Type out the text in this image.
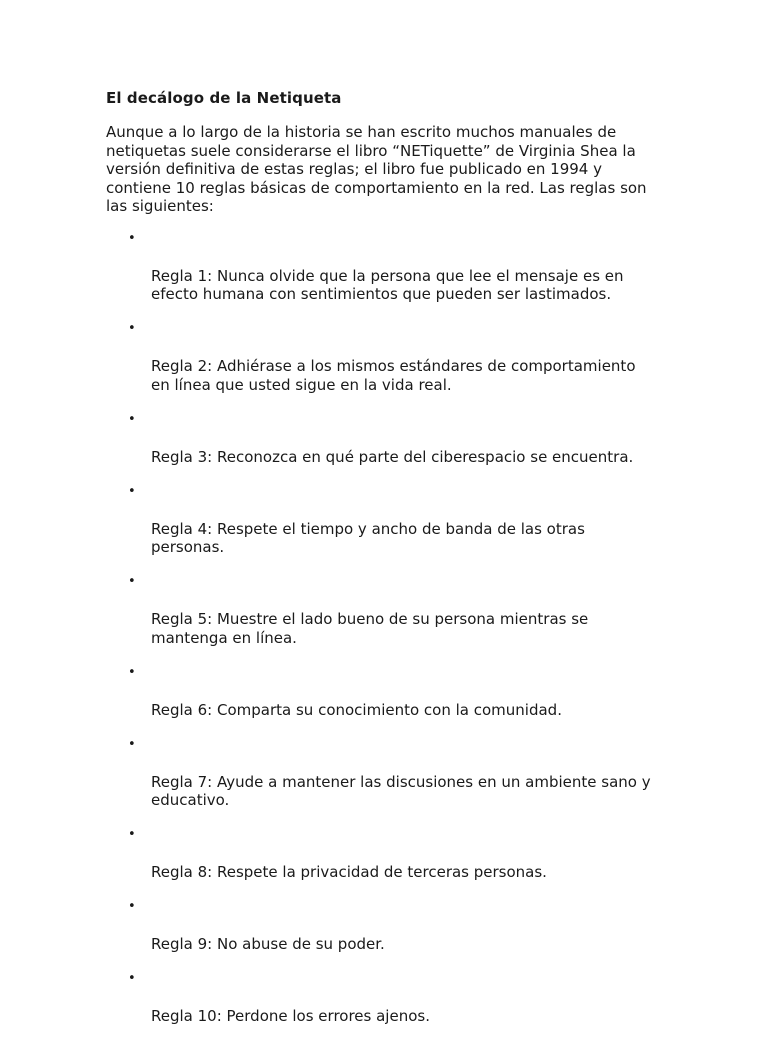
El decálogo de la Netiqueta

Aunque a lo largo de la historia se han escrito muchos manuales de
netiquetas suele considerarse el libro “NETiquette” de Virginia Shea la
versión definitiva de estas reglas; el libro fue publicado en 1994 y
contiene 10 reglas básicas de comportamiento en la red. Las reglas son
las siguientes:

•

Regla 1: Nunca olvide que la persona que lee el mensaje es en
efecto humana con sentimientos que pueden ser lastimados.

•

Regla 2: Adhiérase a los mismos estándares de comportamiento
en línea que usted sigue en la vida real.

•

Regla 3: Reconozca en qué parte del ciberespacio se encuentra.

•

Regla 4: Respete el tiempo y ancho de banda de las otras
personas.

•

Regla 5: Muestre el lado bueno de su persona mientras se
mantenga en línea.

•

Regla 6: Comparta su conocimiento con la comunidad.

•

Regla 7: Ayude a mantener las discusiones en un ambiente sano y
educativo.

•

Regla 8: Respete la privacidad de terceras personas.

•

Regla 9: No abuse de su poder.

•

Regla 10: Perdone los errores ajenos.
